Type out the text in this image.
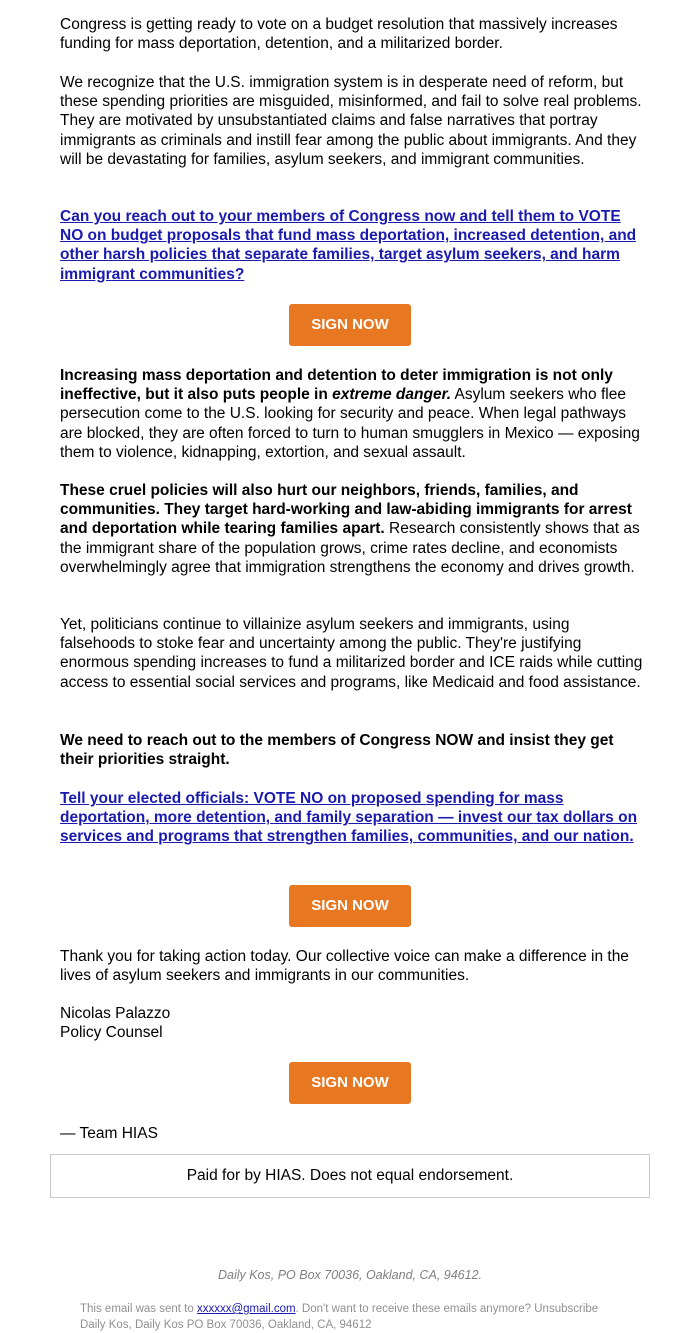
Congress is getting ready to vote on a budget resolution that massively increases funding for mass deportation, detention, and a militarized border.

We recognize that the U.S. immigration system is in desperate need of reform, but these spending priorities are misguided, misinformed, and fail to solve real problems. They are motivated by unsubstantiated claims and false narratives that portray immigrants as criminals and instill fear among the public about immigrants. And they will be devastating for families, asylum seekers, and immigrant communities.

Can you reach out to your members of Congress now and tell them to VOTE NO on budget proposals that fund mass deportation, increased detention, and other harsh policies that separate families, target asylum seekers, and harm immigrant communities?

Increasing mass deportation and detention to deter immigration is not only ineffective, but it also puts people in extreme danger. Asylum seekers who flee persecution come to the U.S. looking for security and peace. When legal pathways are blocked, they are often forced to turn to human smugglers in Mexico — exposing them to violence, kidnapping, extortion, and sexual assault.

These cruel policies will also hurt our neighbors, friends, families, and communities. They target hard-working and law-abiding immigrants for arrest and deportation while tearing families apart. Research consistently shows that as the immigrant share of the population grows, crime rates decline, and economists overwhelmingly agree that immigration strengthens the economy and drives growth.

Yet, politicians continue to villainize asylum seekers and immigrants, using falsehoods to stoke fear and uncertainty among the public. They're justifying enormous spending increases to fund a militarized border and ICE raids while cutting access to essential social services and programs, like Medicaid and food assistance.

We need to reach out to the members of Congress NOW and insist they get their priorities straight.

Tell your elected officials: VOTE NO on proposed spending for mass deportation, more detention, and family separation — invest our tax dollars on services and programs that strengthen families, communities, and our nation.

Thank you for taking action today. Our collective voice can make a difference in the lives of asylum seekers and immigrants in our communities.

Nicolas Palazzo

Policy Counsel

— Team HIAS

SIGN NOW
SIGN NOW
SIGN NOW
Paid for by HIAS. Does not equal endorsement.
Daily Kos, PO Box 70036, Oakland, CA, 94612.
This email was sent to xxxxxx@gmail.com. Don't want to receive these emails anymore? Unsubscribe
Daily Kos, Daily Kos PO Box 70036, Oakland, CA, 94612
